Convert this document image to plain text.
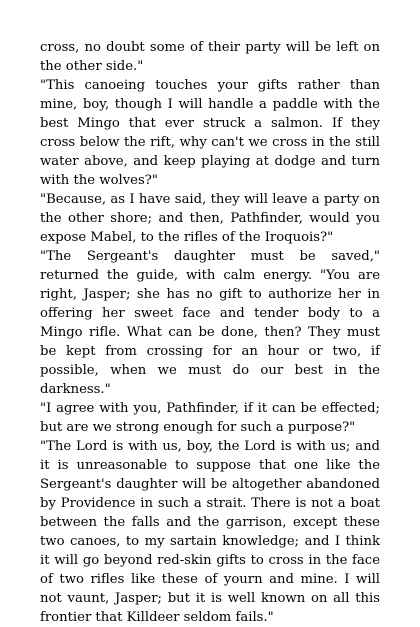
cross, no doubt some of their party will be left on the other side."

"This canoeing touches your gifts rather than mine, boy, though I will handle a paddle with the best Mingo that ever struck a salmon. If they cross below the rift, why can't we cross in the still water above, and keep playing at dodge and turn with the wolves?"

"Because, as I have said, they will leave a party on the other shore; and then, Pathfinder, would you expose Mabel, to the rifles of the Iroquois?"

"The Sergeant's daughter must be saved," returned the guide, with calm energy. "You are right, Jasper; she has no gift to authorize her in offering her sweet face and tender body to a Mingo rifle. What can be done, then? They must be kept from crossing for an hour or two, if possible, when we must do our best in the darkness."

"I agree with you, Pathfinder, if it can be effected; but are we strong enough for such a purpose?"

"The Lord is with us, boy, the Lord is with us; and it is unreasonable to suppose that one like the Sergeant's daughter will be altogether abandoned by Providence in such a strait. There is not a boat between the falls and the garrison, except these two canoes, to my sartain knowledge; and I think it will go beyond red-skin gifts to cross in the face of two rifles like these of yourn and mine. I will not vaunt, Jasper; but it is well known on all this frontier that Killdeer seldom fails."
